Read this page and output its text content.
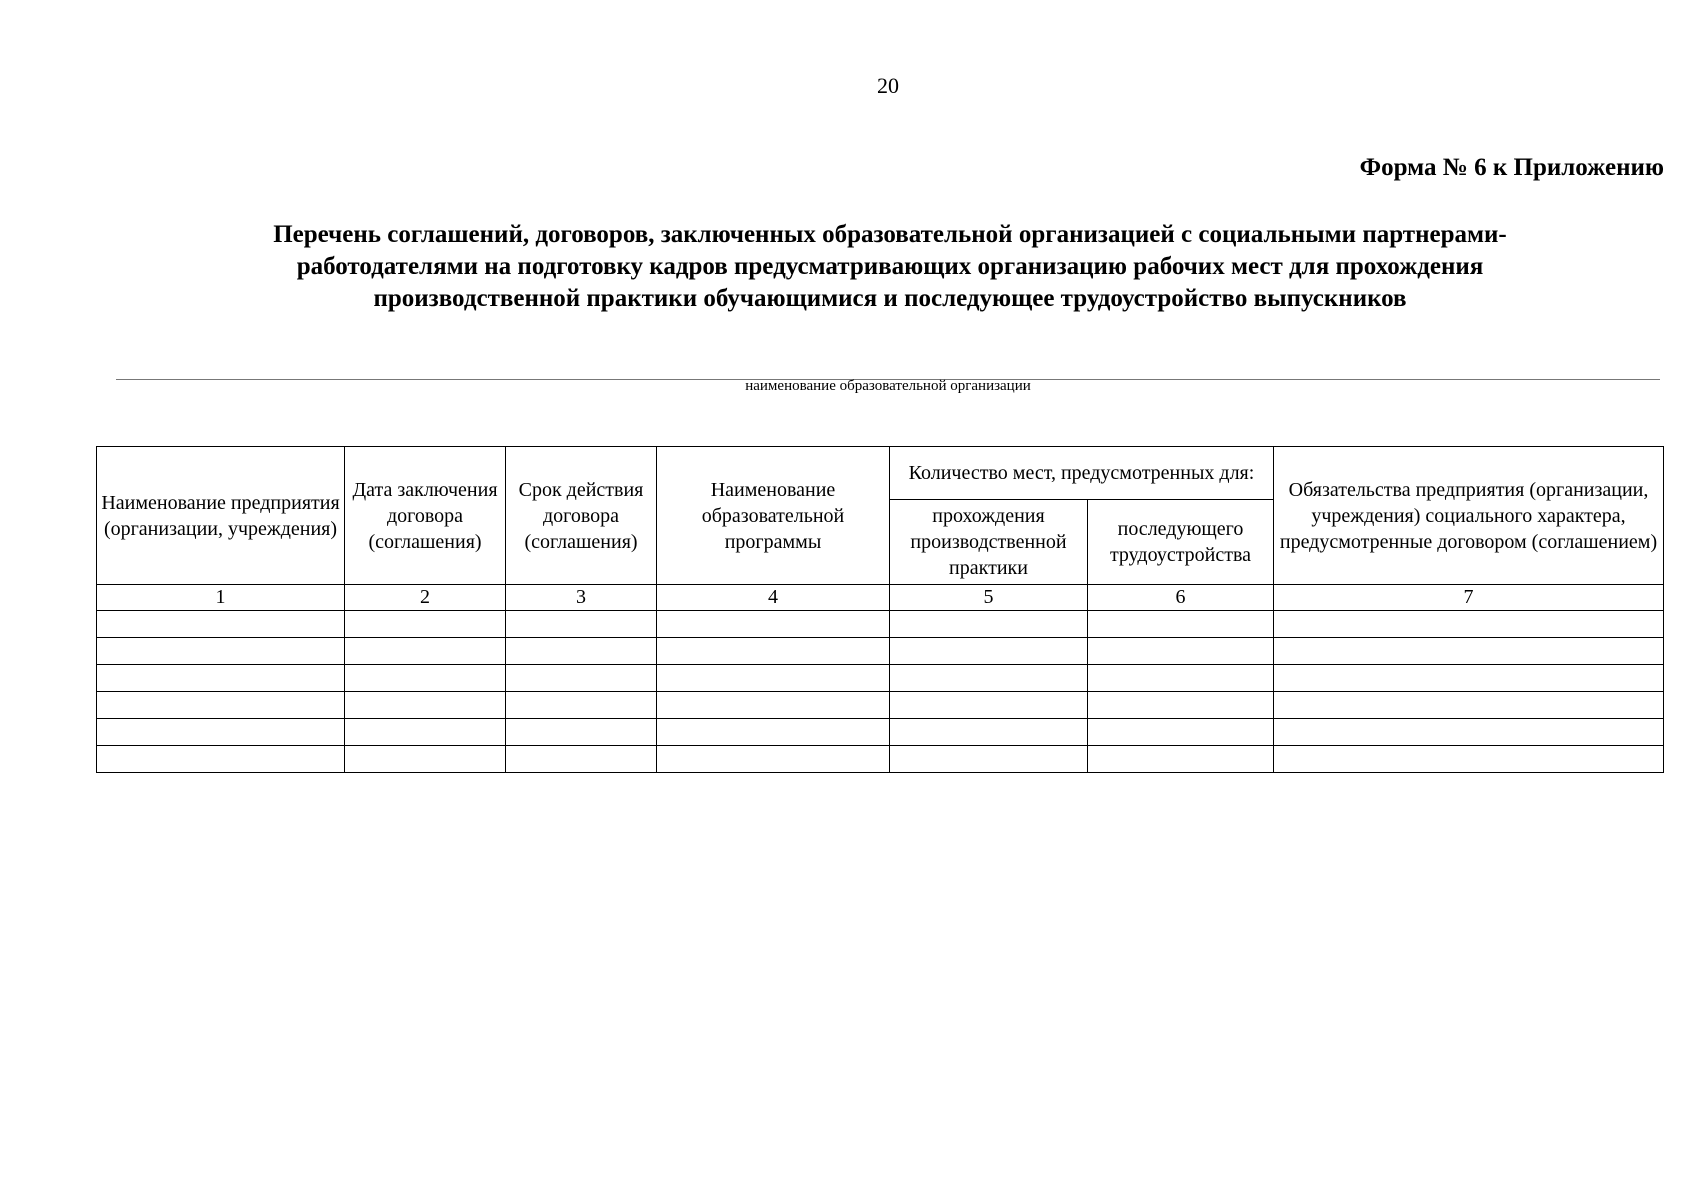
20
Форма № 6 к Приложению
Перечень соглашений, договоров, заключенных образовательной организацией с социальными партнерами-
работодателями на подготовку кадров предусматривающих организацию рабочих мест для прохождения
производственной практики обучающимися и последующее трудоустройство выпускников
наименование образовательной организации
Наименование предприятия (организации, учреждения)	Дата заключения договора (соглашения)	Срок действия договора (соглашения)	Наименование образовательной программы	Количество мест, предусмотренных для:		Обязательства предприятия (организации, учреждения) социального характера, предусмотренные договором (соглашением)
				прохождения производственной практики	последующего трудоустройства	
1	2	3	4	5	6	7
